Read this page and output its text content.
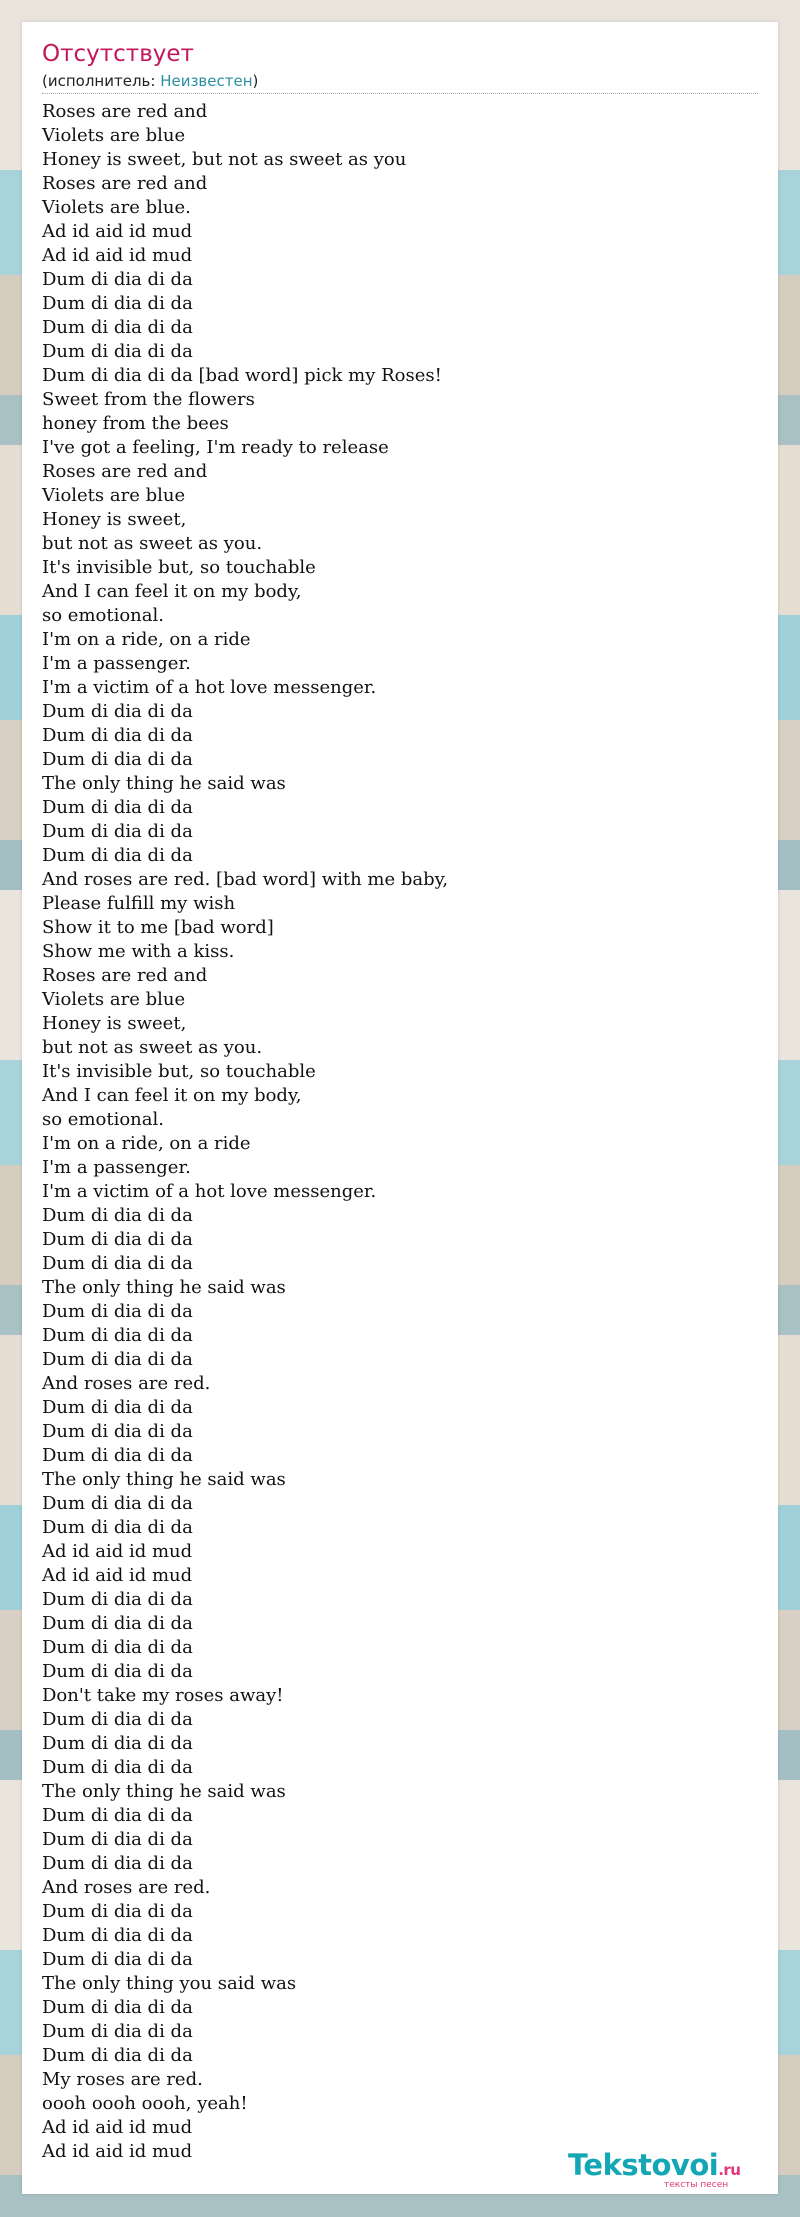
Отсутствует
(исполнитель: Неизвестен)
Roses are red and
Violets are blue
Honey is sweet, but not as sweet as you
Roses are red and
Violets are blue.
Ad id aid id mud
Ad id aid id mud
Dum di dia di da
Dum di dia di da
Dum di dia di da
Dum di dia di da
Dum di dia di da [bad word] pick my Roses!
Sweet from the flowers
honey from the bees
I've got a feeling, I'm ready to release
Roses are red and
Violets are blue
Honey is sweet,
but not as sweet as you.
It's invisible but, so touchable
And I can feel it on my body,
so emotional.
I'm on a ride, on a ride
I'm a passenger.
I'm a victim of a hot love messenger.
Dum di dia di da
Dum di dia di da
Dum di dia di da
The only thing he said was
Dum di dia di da
Dum di dia di da
Dum di dia di da
And roses are red. [bad word] with me baby,
Please fulfill my wish
Show it to me [bad word]
Show me with a kiss.
Roses are red and
Violets are blue
Honey is sweet,
but not as sweet as you.
It's invisible but, so touchable
And I can feel it on my body,
so emotional.
I'm on a ride, on a ride
I'm a passenger.
I'm a victim of a hot love messenger.
Dum di dia di da
Dum di dia di da
Dum di dia di da
The only thing he said was
Dum di dia di da
Dum di dia di da
Dum di dia di da
And roses are red.
Dum di dia di da
Dum di dia di da
Dum di dia di da
The only thing he said was
Dum di dia di da
Dum di dia di da
Ad id aid id mud
Ad id aid id mud
Dum di dia di da
Dum di dia di da
Dum di dia di da
Dum di dia di da
Don't take my roses away!
Dum di dia di da
Dum di dia di da
Dum di dia di da
The only thing he said was
Dum di dia di da
Dum di dia di da
Dum di dia di da
And roses are red.
Dum di dia di da
Dum di dia di da
Dum di dia di da
The only thing you said was
Dum di dia di da
Dum di dia di da
Dum di dia di da
My roses are red.
oooh oooh oooh, yeah!
Ad id aid id mud
Ad id aid id mud	Tekstovoi.ru
тексты песен
